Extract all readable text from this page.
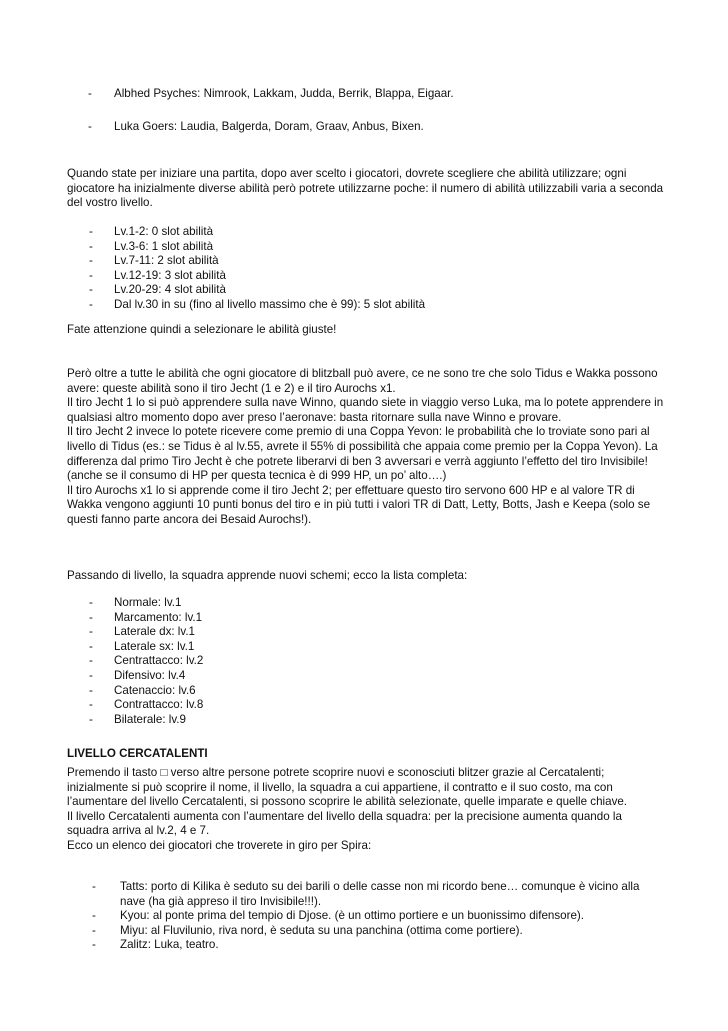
- Albhed Psyches: Nimrook, Lakkam, Judda, Berrik, Blappa, Eigaar.
- Luka Goers: Laudia, Balgerda, Doram, Graav, Anbus, Bixen.

Quando state per iniziare una partita, dopo aver scelto i giocatori, dovrete scegliere che abilità utilizzare; ogni giocatore ha inizialmente diverse abilità però potrete utilizzarne poche: il numero di abilità utilizzabili varia a seconda del vostro livello.

- Lv.1-2: 0 slot abilità
- Lv.3-6: 1 slot abilità
- Lv.7-11: 2 slot abilità
- Lv.12-19: 3 slot abilità
- Lv.20-29: 4 slot abilità
- Dal lv.30 in su (fino al livello massimo che è 99): 5 slot abilità

Fate attenzione quindi a selezionare le abilità giuste!

Però oltre a tutte le abilità che ogni giocatore di blitzball può avere, ce ne sono tre che solo Tidus e Wakka possono avere: queste abilità sono il tiro Jecht (1 e 2) e il tiro Aurochs x1.

Il tiro Jecht 1 lo si può apprendere sulla nave Winno, quando siete in viaggio verso Luka, ma lo potete apprendere in qualsiasi altro momento dopo aver preso l’aeronave: basta ritornare sulla nave Winno e provare.

Il tiro Jecht 2 invece lo potete ricevere come premio di una Coppa Yevon: le probabilità che lo troviate sono pari al livello di Tidus (es.: se Tidus è al lv.55, avrete il 55% di possibilità che appaia come premio per la Coppa Yevon). La differenza dal primo Tiro Jecht è che potrete liberarvi di ben 3 avversari e verrà aggiunto l’effetto del tiro Invisibile! (anche se il consumo di HP per questa tecnica è di 999 HP, un po’ alto….)

Il tiro Aurochs x1 lo si apprende come il tiro Jecht 2; per effettuare questo tiro servono 600 HP e al valore TR di Wakka vengono aggiunti 10 punti bonus del tiro e in più tutti i valori TR di Datt, Letty, Botts, Jash e Keepa (solo se questi fanno parte ancora dei Besaid Aurochs!).

Passando di livello, la squadra apprende nuovi schemi; ecco la lista completa:

- Normale: lv.1
- Marcamento: lv.1
- Laterale dx: lv.1
- Laterale sx: lv.1
- Centrattacco: lv.2
- Difensivo: lv.4
- Catenaccio: lv.6
- Contrattacco: lv.8
- Bilaterale: lv.9
LIVELLO CERCATALENTI

Premendo il tasto □ verso altre persone potrete scoprire nuovi e sconosciuti blitzer grazie al Cercatalenti; inizialmente si può scoprire il nome, il livello, la squadra a cui appartiene, il contratto e il suo costo, ma con l’aumentare del livello Cercatalenti, si possono scoprire le abilità selezionate, quelle imparate e quelle chiave.

Il livello Cercatalenti aumenta con l’aumentare del livello della squadra: per la precisione aumenta quando la squadra arriva al lv.2, 4 e 7.

Ecco un elenco dei giocatori che troverete in giro per Spira:

- Tatts: porto di Kilika è seduto su dei barili o delle casse non mi ricordo bene… comunque è vicino alla nave (ha già appreso il tiro Invisibile!!!).
- Kyou: al ponte prima del tempio di Djose. (è un ottimo portiere e un buonissimo difensore).
- Miyu: al Fluvilunio, riva nord, è seduta su una panchina (ottima come portiere).
- Zalitz: Luka, teatro.
